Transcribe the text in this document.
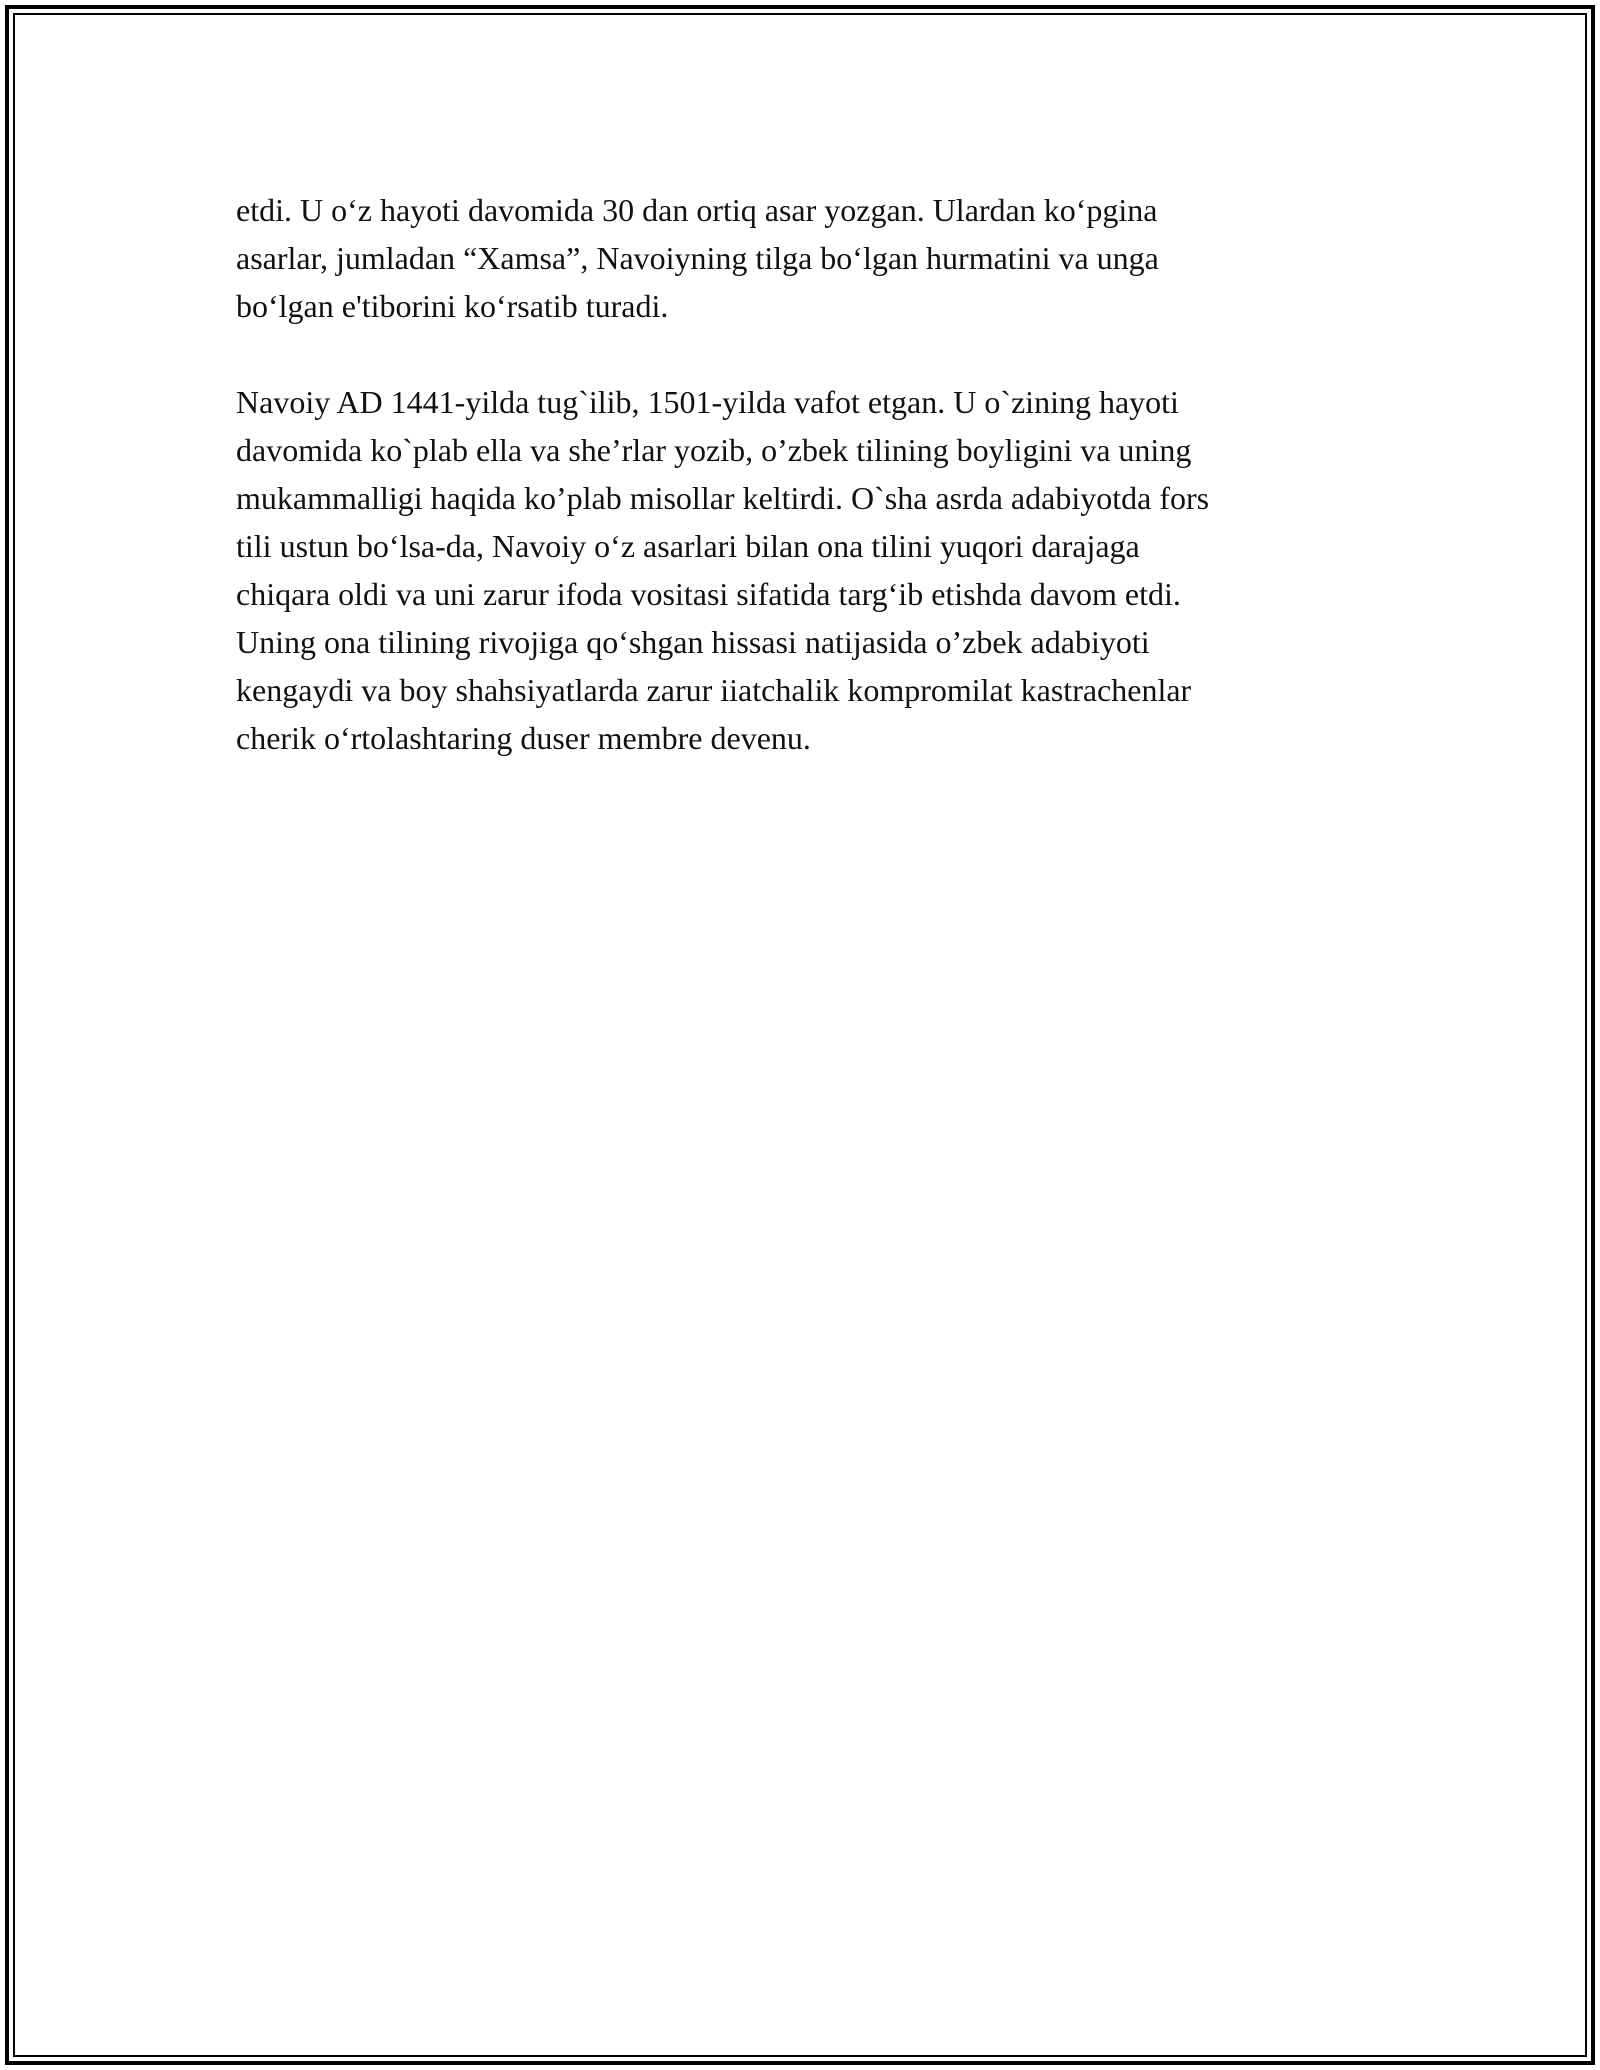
etdi. U o‘z hayoti davomida 30 dan ortiq asar yozgan. Ulardan ko‘pgina
asarlar, jumladan “Xamsa”, Navoiyning tilga bo‘lgan hurmatini va unga
bo‘lgan e'tiborini ko‘rsatib turadi.
Navoiy AD 1441-yilda tug`ilib, 1501-yilda vafot etgan. U o`zining hayoti
davomida ko`plab ella va she’rlar yozib, o’zbek tilining boyligini va uning
mukammalligi haqida ko’plab misollar keltirdi. O`sha asrda adabiyotda fors
tili ustun bo‘lsa-da, Navoiy o‘z asarlari bilan ona tilini yuqori darajaga
chiqara oldi va uni zarur ifoda vositasi sifatida targ‘ib etishda davom etdi.
Uning ona tilining rivojiga qo‘shgan hissasi natijasida o’zbek adabiyoti
kengaydi va boy shahsiyatlarda zarur iiatchalik kompromilat kastrachenlar
cherik o‘rtolashtaring duser membre devenu.
